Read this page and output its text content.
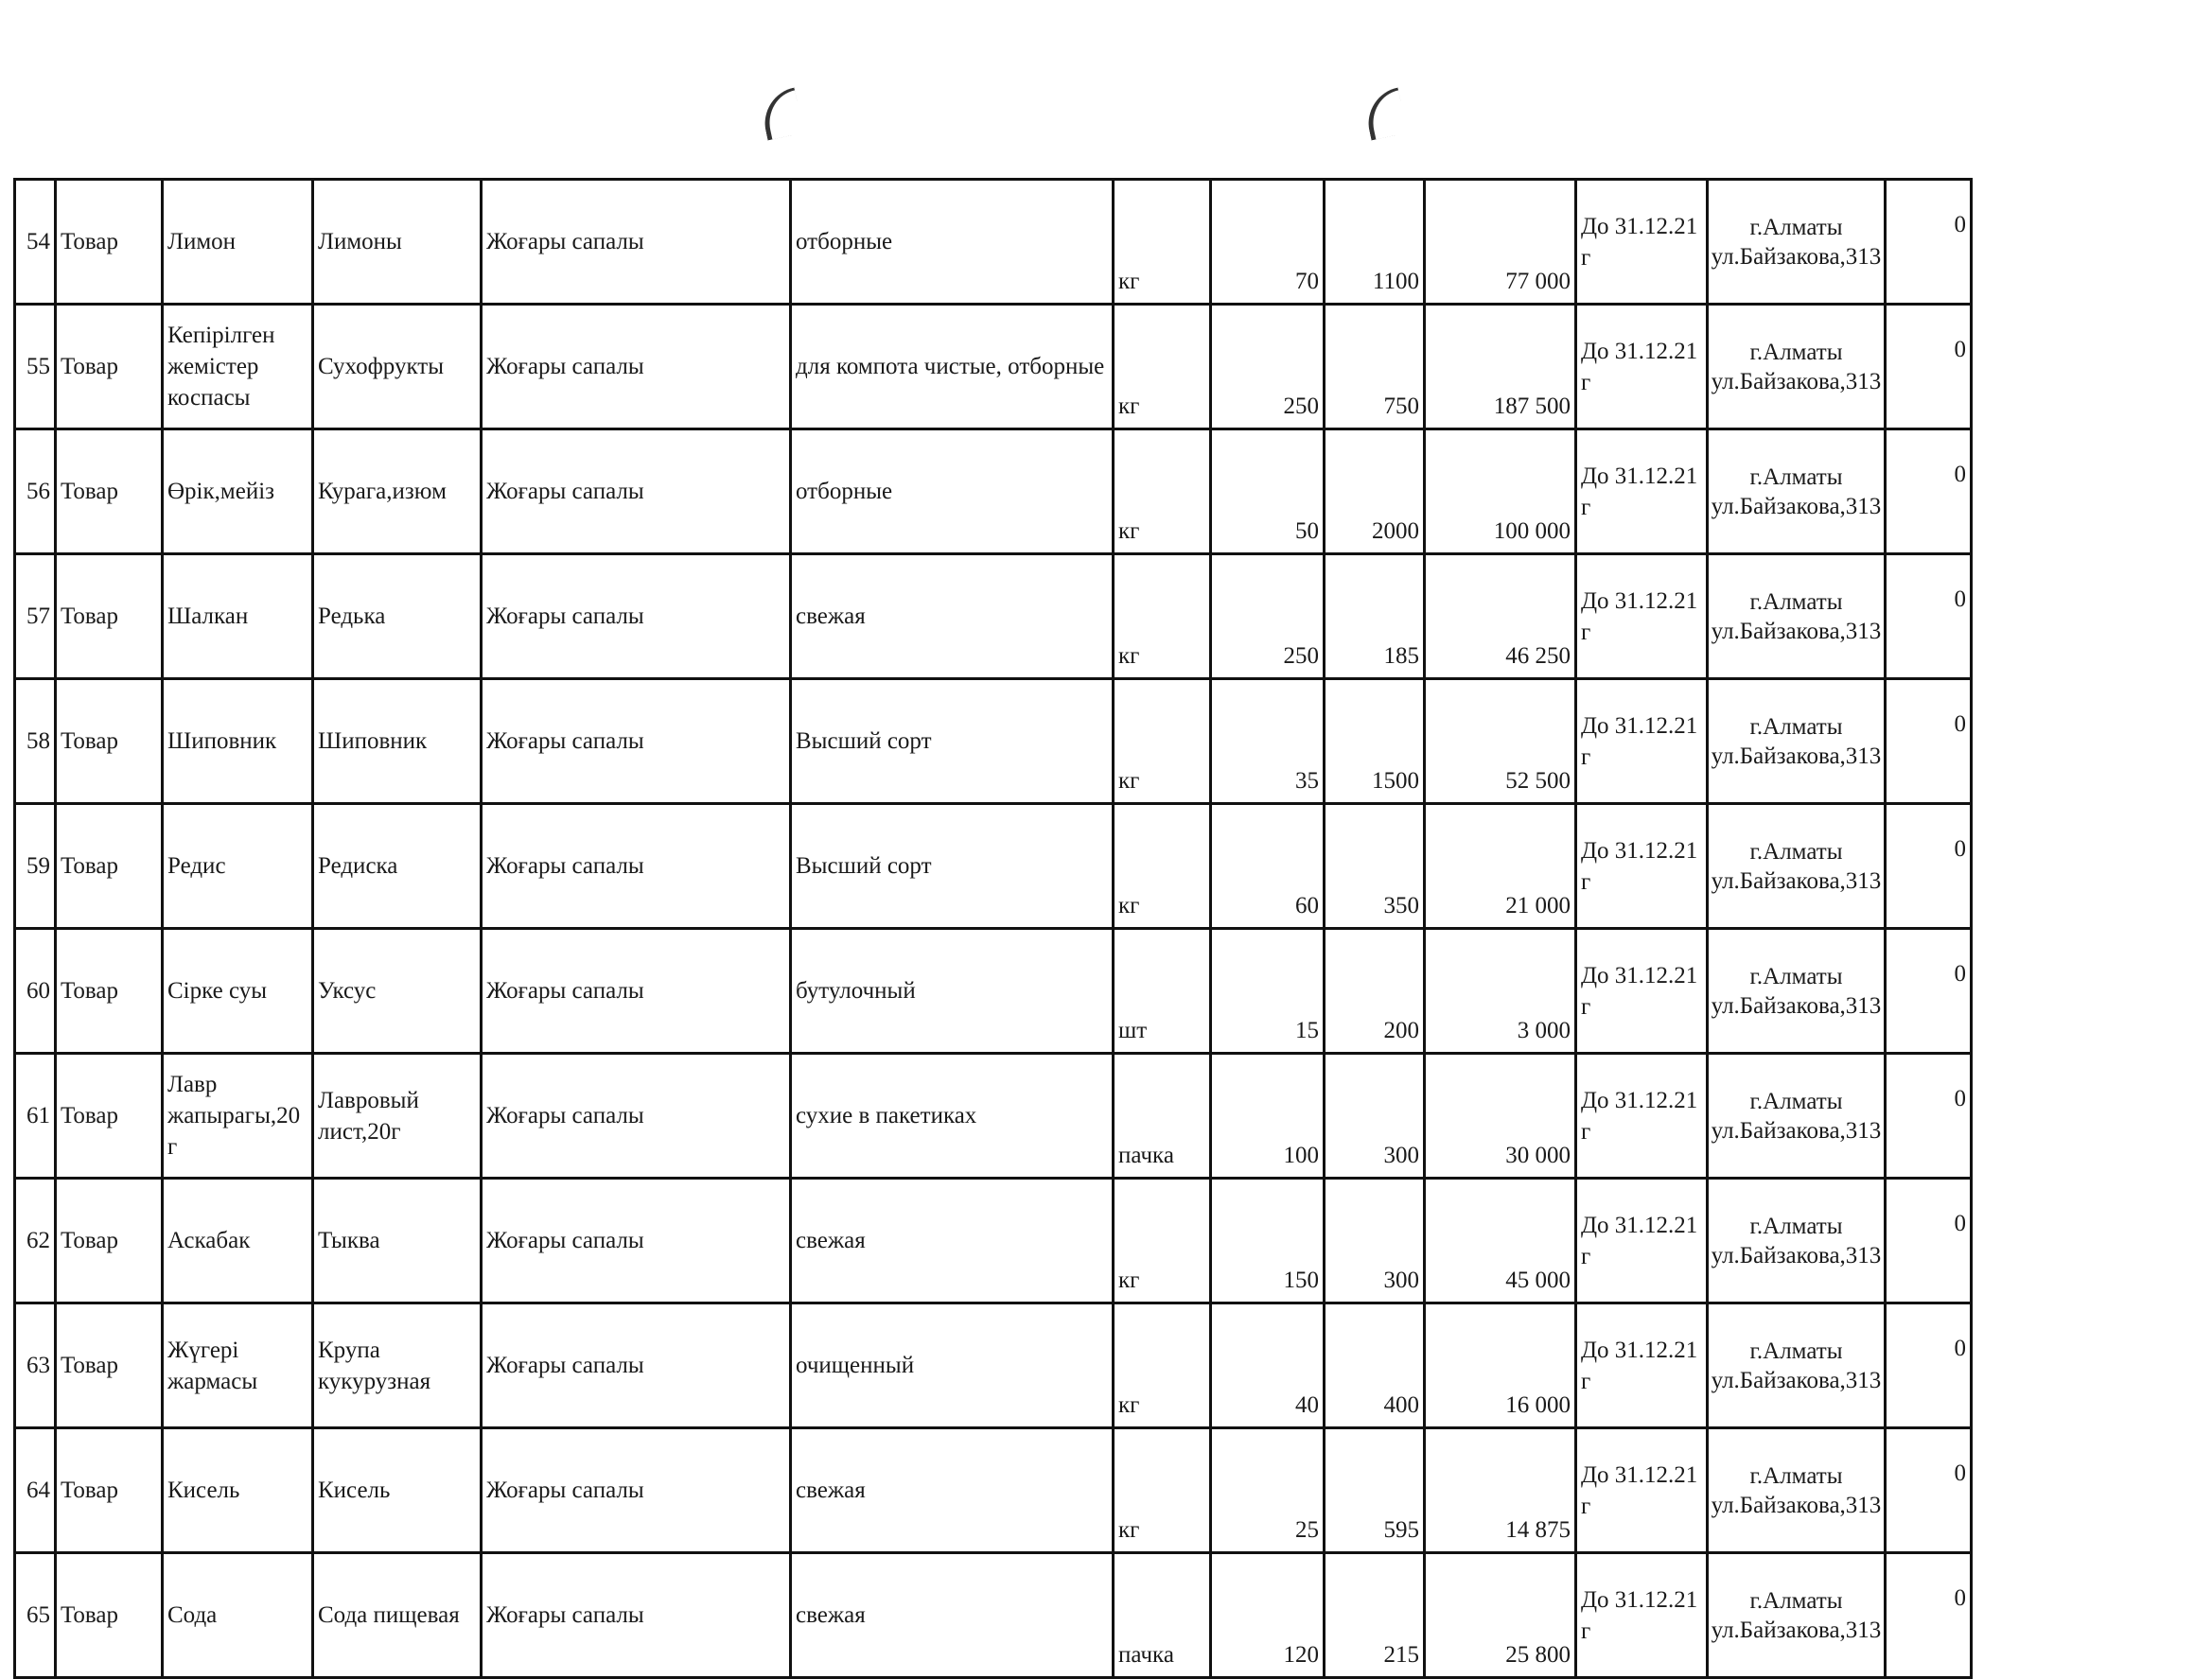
54	Товар	Лимон	Лимоны	Жоғары сапалы	отборные	кг	70	1100	77 000	До 31.12.21 г	г.Алматы ул.Байзакова,313	0
55	Товар	Кепірілген жемістер коспасы	Сухофрукты	Жоғары сапалы	для компота чистые, отборные	кг	250	750	187 500	До 31.12.21 г	г.Алматы ул.Байзакова,313	0
56	Товар	Өрік,мейіз	Курага,изюм	Жоғары сапалы	отборные	кг	50	2000	100 000	До 31.12.21 г	г.Алматы ул.Байзакова,313	0
57	Товар	Шалкан	Редька	Жоғары сапалы	свежая	кг	250	185	46 250	До 31.12.21 г	г.Алматы ул.Байзакова,313	0
58	Товар	Шиповник	Шиповник	Жоғары сапалы	Высший сорт	кг	35	1500	52 500	До 31.12.21 г	г.Алматы ул.Байзакова,313	0
59	Товар	Редис	Редиска	Жоғары сапалы	Высший сорт	кг	60	350	21 000	До 31.12.21 г	г.Алматы ул.Байзакова,313	0
60	Товар	Сірке суы	Уксус	Жоғары сапалы	бутулочный	шт	15	200	3 000	До 31.12.21 г	г.Алматы ул.Байзакова,313	0
61	Товар	Лавр жапырагы,20г	Лавровый лист,20г	Жоғары сапалы	сухие в пакетиках	пачка	100	300	30 000	До 31.12.21 г	г.Алматы ул.Байзакова,313	0
62	Товар	Аскабак	Тыква	Жоғары сапалы	свежая	кг	150	300	45 000	До 31.12.21 г	г.Алматы ул.Байзакова,313	0
63	Товар	Жүгері жармасы	Крупа кукурузная	Жоғары сапалы	очищенный	кг	40	400	16 000	До 31.12.21 г	г.Алматы ул.Байзакова,313	0
64	Товар	Кисель	Кисель	Жоғары сапалы	свежая	кг	25	595	14 875	До 31.12.21 г	г.Алматы ул.Байзакова,313	0
65	Товар	Сода	Сода пищевая	Жоғары сапалы	свежая	пачка	120	215	25 800	До 31.12.21 г	г.Алматы ул.Байзакова,313	0
